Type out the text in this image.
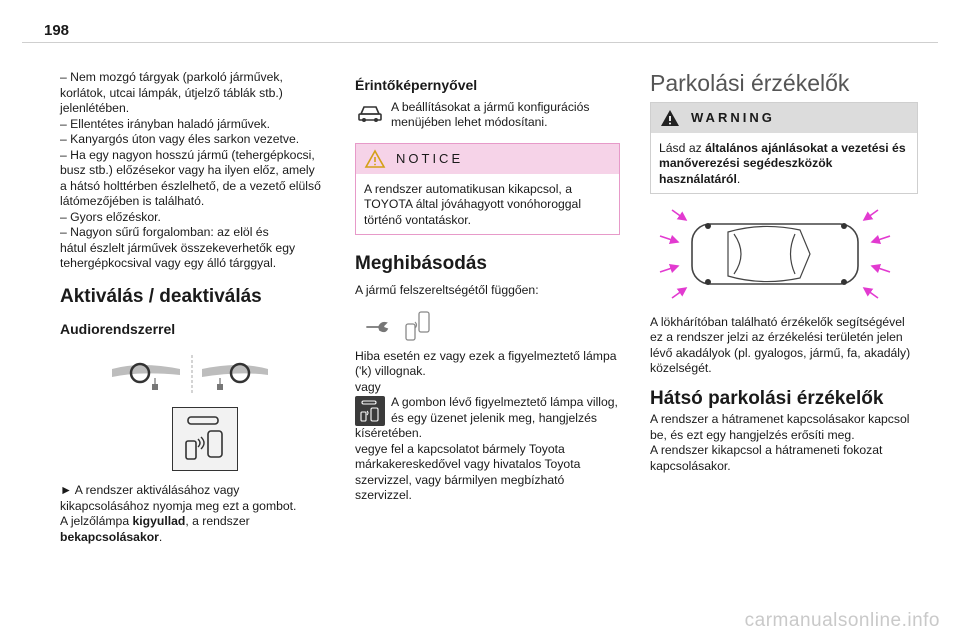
198
– Nem mozgó tárgyak (parkoló járművek,
korlátok, utcai lámpák, útjelző táblák stb.)
jelenlétében.
– Ellentétes irányban haladó járművek.
– Kanyargós úton vagy éles sarkon vezetve.
– Ha egy nagyon hosszú jármű (tehergépkocsi,
busz stb.) előzésekor vagy ha ilyen előz, amely
a hátsó holttérben észlelhető, de a vezető elülső
látómezőjében is található.
– Gyors előzéskor.
– Nagyon sűrű forgalomban: az elöl és
hátul észlelt járművek összekeverhetők egy
tehergépkocsival vagy egy álló tárggyal.
Aktiválás / deaktiválás
Audiorendszerrel
► A rendszer aktiválásához vagy
kikapcsolásához nyomja meg ezt a gombot.
A jelzőlámpa kigyullad, a rendszer
bekapcsolásakor.
Érintőképernyővel
A beállításokat a jármű konfigurációs
menüjében lehet módosítani.
NOTICE
A rendszer automatikusan kikapcsol, a
TOYOTA által jóváhagyott vonóhoroggal
történő vontatáskor.
Meghibásodás
A jármű felszereltségétől függően:
Hiba esetén ez vagy ezek a figyelmeztető lámpa
('k) villognak.
vagy
A gombon lévő figyelmeztető lámpa villog,
és egy üzenet jelenik meg, hangjelzés
kíséretében.
vegye fel a kapcsolatot bármely Toyota
márkakereskedővel vagy hivatalos Toyota
szervizzel, vagy bármilyen megbízható
szervizzel.
Parkolási érzékelők
WARNING
Lásd az általános ajánlásokat a vezetési és
manőverezési segédeszközök
használatáról.
A lökhárítóban található érzékelők segítségével
ez a rendszer jelzi az érzékelési területén jelen
lévő akadályok (pl. gyalogos, jármű, fa, akadály)
közelségét.
Hátsó parkolási érzékelők
A rendszer a hátramenet kapcsolásakor kapcsol
be, és ezt egy hangjelzés erősíti meg.
A rendszer kikapcsol a hátrameneti fokozat
kapcsolásakor.
carmanualsonline.info
